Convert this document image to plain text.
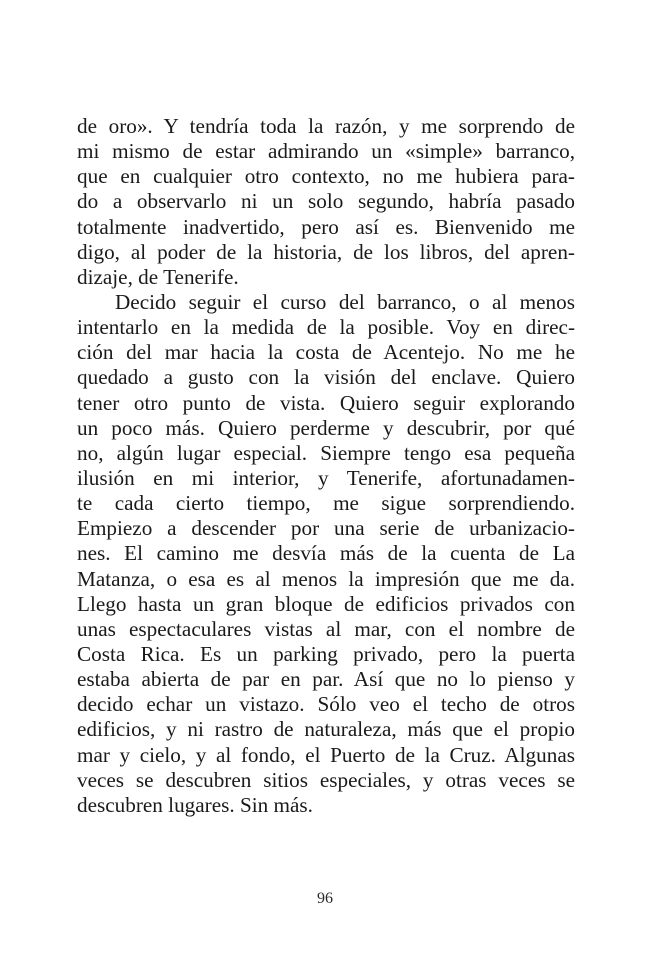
de oro». Y tendría toda la razón, y me sorprendo de
mi mismo de estar admirando un «simple» barranco,
que en cualquier otro contexto, no me hubiera para-
do a observarlo ni un solo segundo, habría pasado
totalmente inadvertido, pero así es. Bienvenido me
digo, al poder de la historia, de los libros, del apren-
dizaje, de Tenerife.
Decido seguir el curso del barranco, o al menos
intentarlo en la medida de la posible. Voy en direc-
ción del mar hacia la costa de Acentejo. No me he
quedado a gusto con la visión del enclave. Quiero
tener otro punto de vista. Quiero seguir explorando
un poco más. Quiero perderme y descubrir, por qué
no, algún lugar especial. Siempre tengo esa pequeña
ilusión en mi interior, y Tenerife, afortunadamen-
te cada cierto tiempo, me sigue sorprendiendo.
Empiezo a descender por una serie de urbanizacio-
nes. El camino me desvía más de la cuenta de La
Matanza, o esa es al menos la impresión que me da.
Llego hasta un gran bloque de edificios privados con
unas espectaculares vistas al mar, con el nombre de
Costa Rica. Es un parking privado, pero la puerta
estaba abierta de par en par. Así que no lo pienso y
decido echar un vistazo. Sólo veo el techo de otros
edificios, y ni rastro de naturaleza, más que el propio
mar y cielo, y al fondo, el Puerto de la Cruz. Algunas
veces se descubren sitios especiales, y otras veces se
descubren lugares. Sin más.
96
